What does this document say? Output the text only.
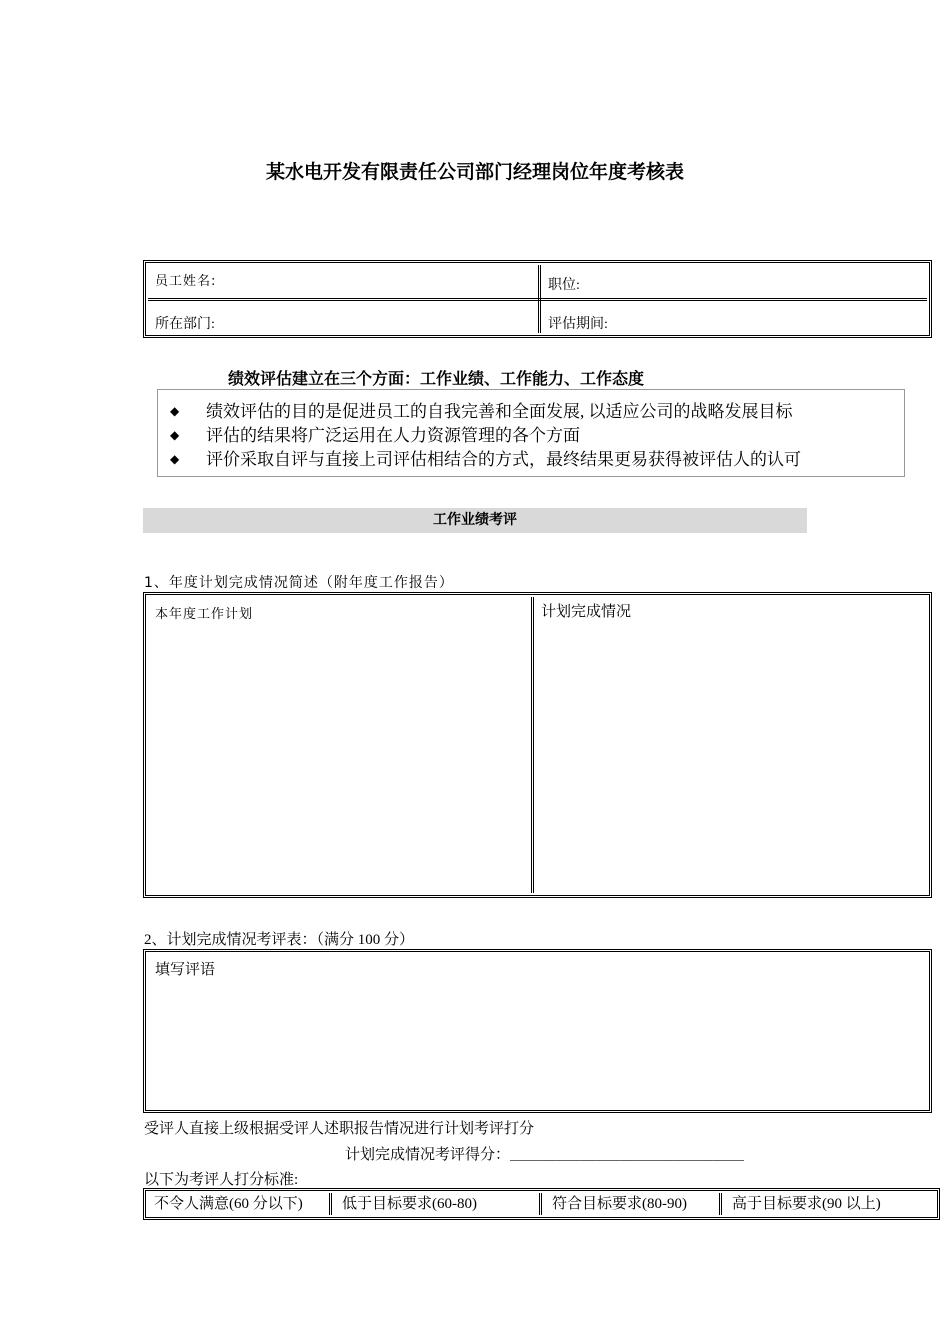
某水电开发有限责任公司部门经理岗位年度考核表
员工姓名:	职位:
所在部门:	评估期间:
绩效评估建立在三个方面：工作业绩、工作能力、工作态度
◆ 绩效评估的目的是促进员工的自我完善和全面发展, 以适应公司的战略发展目标
◆ 评估的结果将广泛运用在人力资源管理的各个方面
◆ 评价采取自评与直接上司评估相结合的方式，最终结果更易获得被评估人的认可
工作业绩考评
1、年度计划完成情况简述（附年度工作报告）
本年度工作计划	计划完成情况
2、计划完成情况考评表：（满分 100 分）
填写评语
受评人直接上级根据受评人述职报告情况进行计划考评打分
计划完成情况考评得分：______________________________
以下为考评人打分标准:
不令人满意(60 分以下)	低于目标要求(60-80)	符合目标要求(80-90)	高于目标要求(90 以上)
